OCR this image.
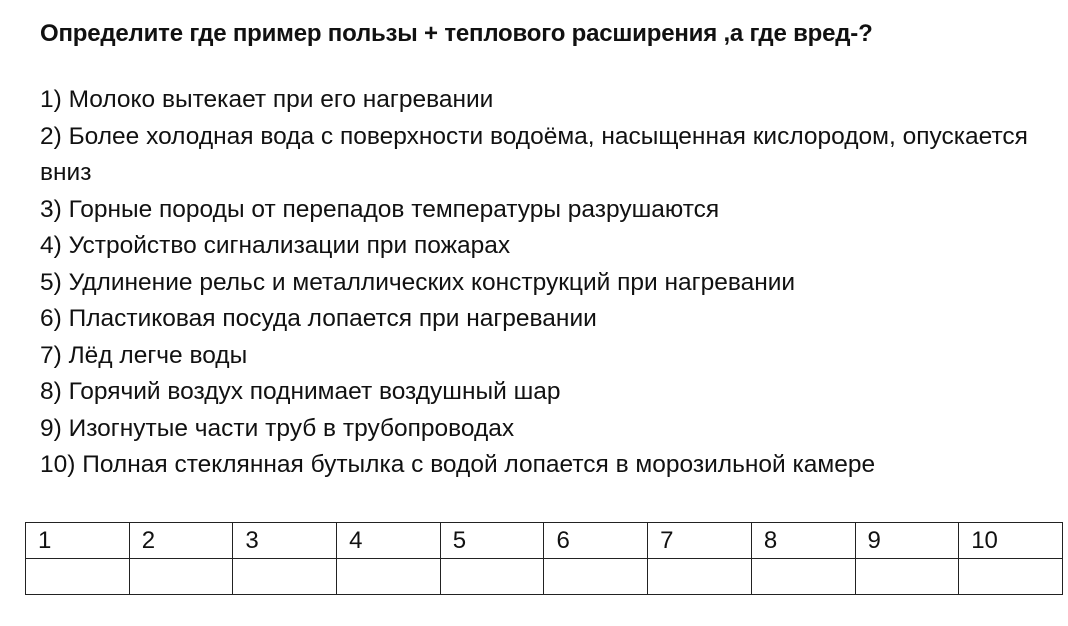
Определите где пример пользы + теплового расширения ,а где вред-?

1) Молоко вытекает при его нагревании

2) Более холодная вода с поверхности водоёма, насыщенная кислородом, опускается вниз

3) Горные породы от перепадов температуры разрушаются

4) Устройство сигнализации при пожарах

5) Удлинение рельс и металлических конструкций при нагревании

6) Пластиковая посуда лопается при нагревании

7) Лёд легче воды

8) Горячий воздух поднимает воздушный шар

9) Изогнутые части труб в трубопроводах

10) Полная стеклянная бутылка с водой лопается в морозильной камере

1	2	3	4	5	6	7	8	9	10
